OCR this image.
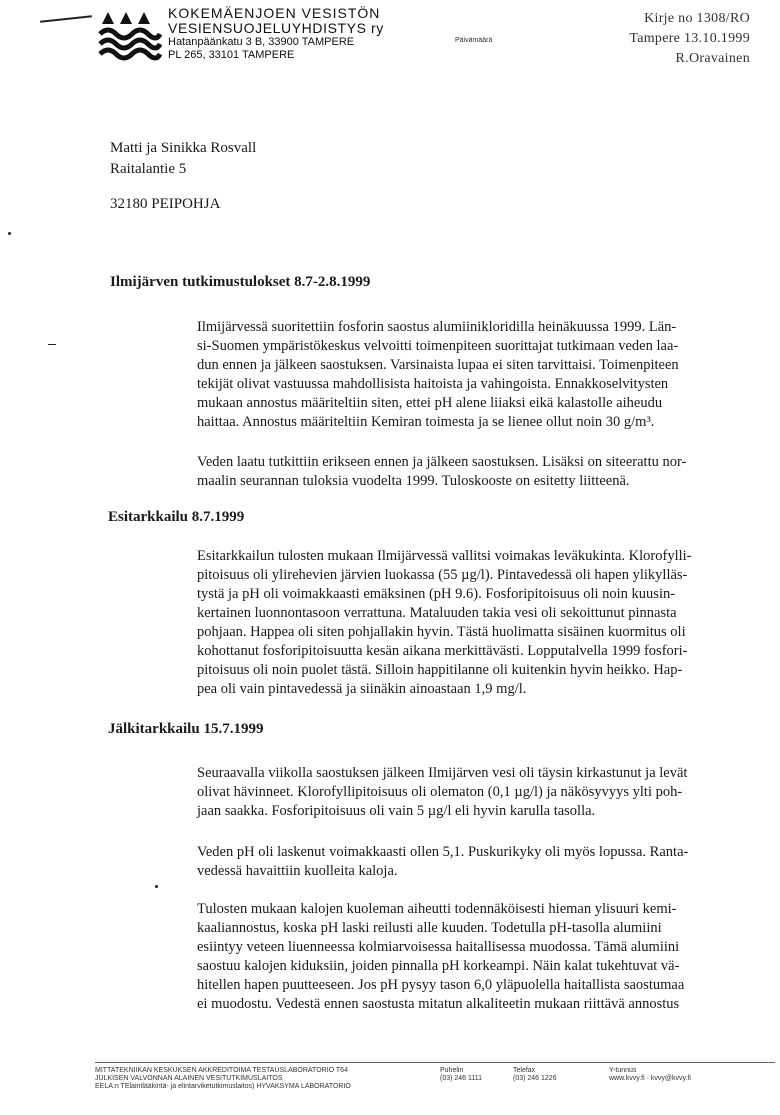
KOKEMÄENJOEN VESISTÖN
VESIENSUOJELUYHDISTYS ry
Hatanpäänkatu 3 B, 33900 TAMPERE
PL 265, 33101 TAMPERE
Päivämäärä
Kirje no 1308/RO
Tampere 13.10.1999
R.Oravainen
Matti ja Sinikka Rosvall
Raitalantie 5
32180 PEIPOHJA
Ilmijärven tutkimustulokset 8.7-2.8.1999
Ilmijärvessä suoritettiin fosforin saostus alumiinikloridilla heinäkuussa 1999. Län-
si-Suomen ympäristökeskus velvoitti toimenpiteen suorittajat tutkimaan veden laa-
dun ennen ja jälkeen saostuksen. Varsinaista lupaa ei siten tarvittaisi. Toimenpiteen
tekijät olivat vastuussa mahdollisista haitoista ja vahingoista. Ennakkoselvitysten
mukaan annostus määriteltiin siten, ettei pH alene liiaksi eikä kalastolle aiheudu
haittaa. Annostus määriteltiin Kemiran toimesta ja se lienee ollut noin 30 g/m³.
Veden laatu tutkittiin erikseen ennen ja jälkeen saostuksen. Lisäksi on siteerattu nor-
maalin seurannan tuloksia vuodelta 1999. Tuloskooste on esitetty liitteenä.
Esitarkkailu 8.7.1999
Esitarkkailun tulosten mukaan Ilmijärvessä vallitsi voimakas leväkukinta. Klorofylli-
pitoisuus oli ylirehevien järvien luokassa (55 µg/l). Pintavedessä oli hapen ylikylläs-
tystä ja pH oli voimakkaasti emäksinen (pH 9.6). Fosforipitoisuus oli noin kuusin-
kertainen luonnontasoon verrattuna. Mataluuden takia vesi oli sekoittunut pinnasta
pohjaan. Happea oli siten pohjallakin hyvin. Tästä huolimatta sisäinen kuormitus oli
kohottanut fosforipitoisuutta kesän aikana merkittävästi. Lopputalvella 1999 fosfori-
pitoisuus oli noin puolet tästä. Silloin happitilanne oli kuitenkin hyvin heikko. Hap-
pea oli vain pintavedessä ja siinäkin ainoastaan 1,9 mg/l.
Jälkitarkkailu 15.7.1999
Seuraavalla viikolla saostuksen jälkeen Ilmijärven vesi oli täysin kirkastunut ja levät
olivat hävinneet. Klorofyllipitoisuus oli olematon (0,1 µg/l) ja näkösyvyys ylti poh-
jaan saakka. Fosforipitoisuus oli vain 5 µg/l eli hyvin karulla tasolla.
Veden pH oli laskenut voimakkaasti ollen 5,1. Puskurikyky oli myös lopussa. Ranta-
vedessä havaittiin kuolleita kaloja.
Tulosten mukaan kalojen kuoleman aiheutti todennäköisesti hieman ylisuuri kemi-
kaaliannostus, koska pH laski reilusti alle kuuden. Todetulla pH-tasolla alumiini
esiintyy veteen liuenneessa kolmiarvoisessa haitallisessa muodossa. Tämä alumiini
saostuu kalojen kiduksiin, joiden pinnalla pH korkeampi. Näin kalat tukehtuvat vä-
hitellen hapen puutteeseen. Jos pH pysyy tason 6,0 yläpuolella haitallista saostumaa
ei muodostu. Vedestä ennen saostusta mitatun alkaliteetin mukaan riittävä annostus
MITTATEKNIIKAN KESKUKSEN AKKREDITOIMA TESTAUSLABORATORIO T64
JULKISEN VALVONNAN ALAINEN VESITUTKIMUSLAITOS
EELA:n TElaintlääkintä- ja elintarviketutkimuslaitos) HYVAKSYMA LABORATORIO
Puhelin
(03) 246 1111
Telefax
(03) 246 1226
Y-tunnus
www.kvvy.fi · kvvy@kvvy.fi
